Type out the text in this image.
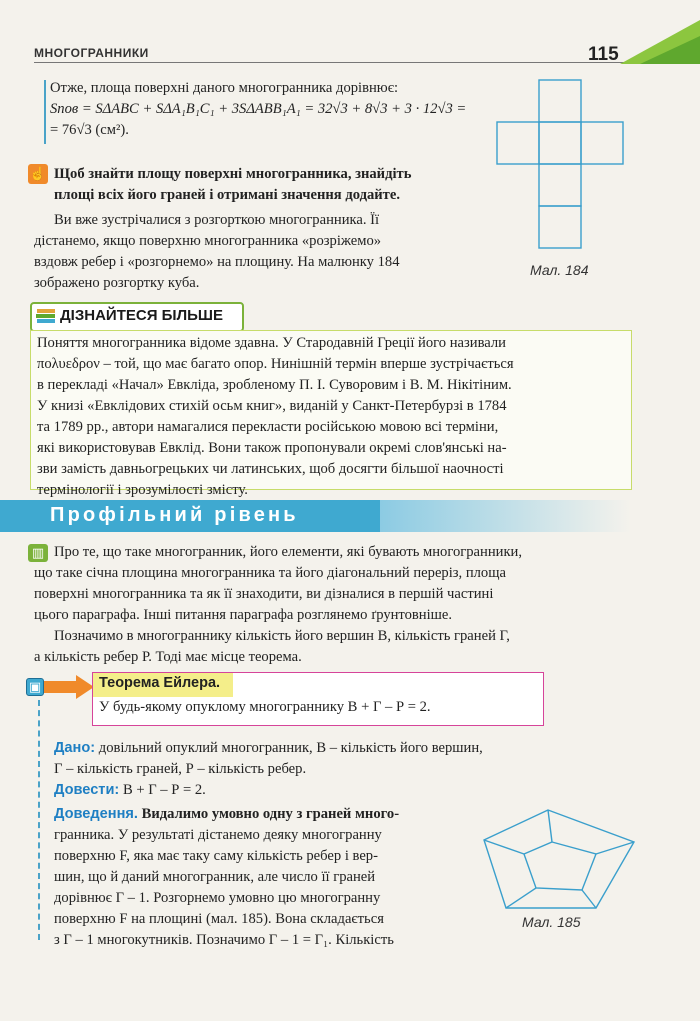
МНОГОГРАННИКИ	115
Отже, площа поверхні даного многогранника дорівнює:
Sпов = SΔABC + SΔA₁B₁C₁ + 3SΔABB₁A₁ = 32√3 + 8√3 + 3 · 12√3 =
= 76√3 (см²).
Мал. 184
☝ Щоб знайти площу поверхні многогранника, знайдіть
площі всіх його граней і отримані значення додайте.
Ви вже зустрічалися з розгорткою многогранника. Її
дістанемо, якщо поверхню многогранника «розріжемо»
вздовж ребер і «розгорнемо» на площину. На малюнку 184
зображено розгортку куба.
ДІЗНАЙТЕСЯ БІЛЬШЕ
Поняття многогранника відоме здавна. У Стародавній Греції його називали
πολυεδρον – той, що має багато опор. Нинішній термін вперше зустрічається
в перекладі «Начал» Евкліда, зробленому П. І. Суворовим і В. М. Нікітіним.
У книзі «Евклідових стихій осьм книг», виданій у Санкт-Петербурзі в 1784
та 1789 рр., автори намагалися перекласти російською мовою всі терміни,
які використовував Евклід. Вони також пропонували окремі слов'янські на-
зви замість давньогрецьких чи латинських, щоб досягти більшої наочності
термінології і зрозумілості змісту.
Профільний рівень
▥ Про те, що таке многогранник, його елементи, які бувають многогранники,
що таке січна площина многогранника та його діагональний переріз, площа
поверхні многогранника та як її знаходити, ви дізналися в першій частині
цього параграфа. Інші питання параграфа розглянемо ґрунтовніше.
Позначимо в многограннику кількість його вершин В, кількість граней Г,
а кількість ребер Р. Тоді має місце теорема.
▣	Теорема Ейлера.
У будь-якому опуклому многограннику В + Г – Р = 2.
Дано: довільний опуклий многогранник, В – кількість його вершин,
Г – кількість граней, Р – кількість ребер.
Довести: В + Г – Р = 2.
Доведення. Видалимо умовно одну з граней много-
гранника. У результаті дістанемо деяку многогранну
поверхню F, яка має таку саму кількість ребер і вер-
шин, що й даний многогранник, але число її граней
дорівнює Г – 1. Розгорнемо умовно цю многогранну
поверхню F на площині (мал. 185). Вона складається
з Г – 1 многокутників. Позначимо Г – 1 = Г₁. Кількість
Мал. 185
